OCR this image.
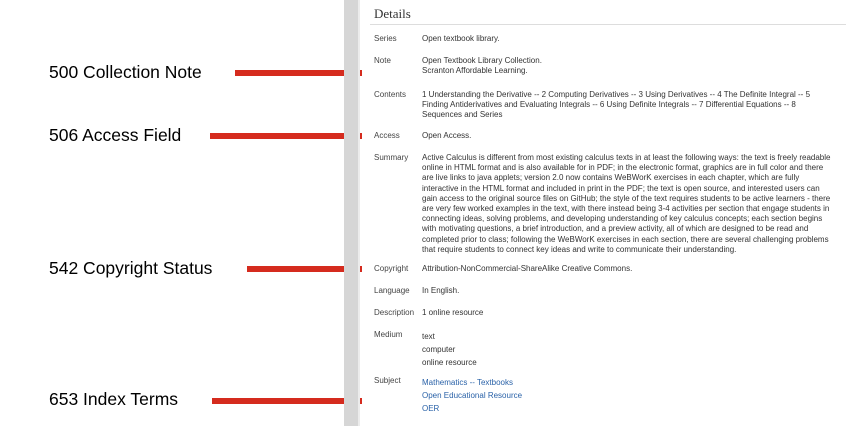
500 Collection Note
506 Access Field
542 Copyright Status
653 Index Terms
Details
Series	Open textbook library.
Note	Open Textbook Library Collection.
Scranton Affordable Learning.
Contents 1 Understanding the Derivative -- 2 Computing Derivatives -- 3 Using Derivatives -- 4 The Definite Integral -- 5
Finding Antiderivatives and Evaluating Integrals -- 6 Using Definite Integrals -- 7 Differential Equations -- 8
Sequences and Series
Access	Open Access.
Summary Active Calculus is different from most existing calculus texts in at least the following ways: the text is freely readable
online in HTML format and is also available for in PDF; in the electronic format, graphics are in full color and there
are live links to java applets; version 2.0 now contains WeBWorK exercises in each chapter, which are fully
interactive in the HTML format and included in print in the PDF; the text is open source, and interested users can
gain access to the original source files on GitHub; the style of the text requires students to be active learners - there
are very few worked examples in the text, with there instead being 3-4 activities per section that engage students in
connecting ideas, solving problems, and developing understanding of key calculus concepts; each section begins
with motivating questions, a brief introduction, and a preview activity, all of which are designed to be read and
completed prior to class; following the WeBWorK exercises in each section, there are several challenging problems
that require students to connect key ideas and write to communicate their understanding.
Copyright Attribution-NonCommercial-ShareAlike Creative Commons.
Language In English.
Description 1 online resource
Medium text
computer
online resource
Subject	Mathematics -- Textbooks
Open Educational Resource
OER
